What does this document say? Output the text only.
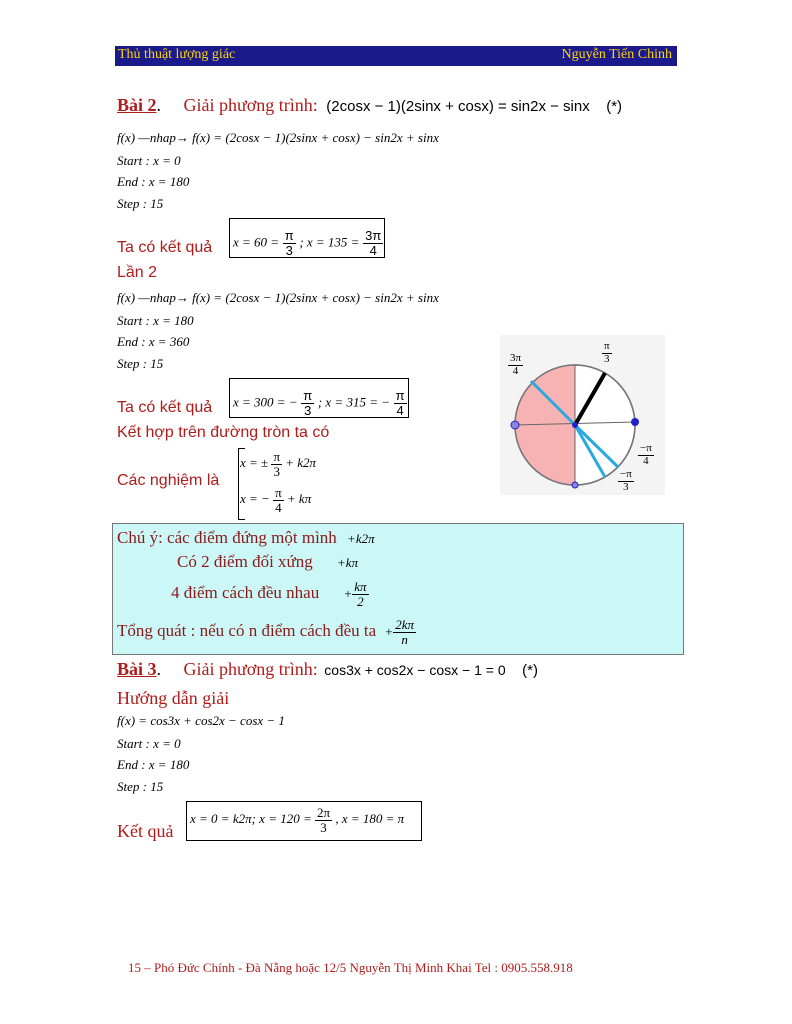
Thủ thuật lượng giác	Nguyễn Tiến Chinh
Bài 2. Giải phương trình: (2cosx − 1)(2sinx + cosx) = sin2x − sinx (*)
f(x) —nhap→ f(x) = (2cosx − 1)(2sinx + cosx) − sin2x + sinx
Start : x = 0
End : x = 180
Step : 15
Ta có kết quả $x = 60 = \frac{\pi}{3}$ ; $x = 135 = \frac{3\pi}{4}$
Lần 2
f(x) —nhap→ f(x) = (2cosx − 1)(2sinx + cosx) − sin2x + sinx
Start : x = 180
End : x = 360
Step : 15
Ta có kết quả x = 300 = − $\frac{\pi}{3}$ ; x = 315 = − $\frac{\pi}{4}$
Kết hợp trên đường tròn ta có
Các nghiệm là
x = ± $\frac{\pi}{3} + k2\pi$
x = − $\frac{\pi}{4} + k\pi$
$\frac{3\pi}{4}$	$\frac{\pi}{3}$
$\frac{-\pi}{4}$
$\frac{-\pi}{3}$
Chú ý: các điểm đứng một mình +k2π
Có 2 điểm đối xứng +kπ
4 điểm cách đều nhau + $\frac{k\pi}{2}$
Tổng quát : nếu có n điểm cách đều ta + $\frac{2k\pi}{n}$
Bài 3. Giải phương trình: cos3x + cos2x − cosx − 1 = 0 (*)
Hướng dẫn giải
f(x) = cos3x + cos2x − cosx − 1
Start : x = 0
End : x = 180
Step : 15
Kết quả
x = 0 = k2π; $x = 120 = \frac{2\pi}{3}$ , x = 180 = π
15 – Phó Đức Chính - Đà Nẵng hoặc 12/5 Nguyễn Thị Minh Khai Tel : 0905.558.918
